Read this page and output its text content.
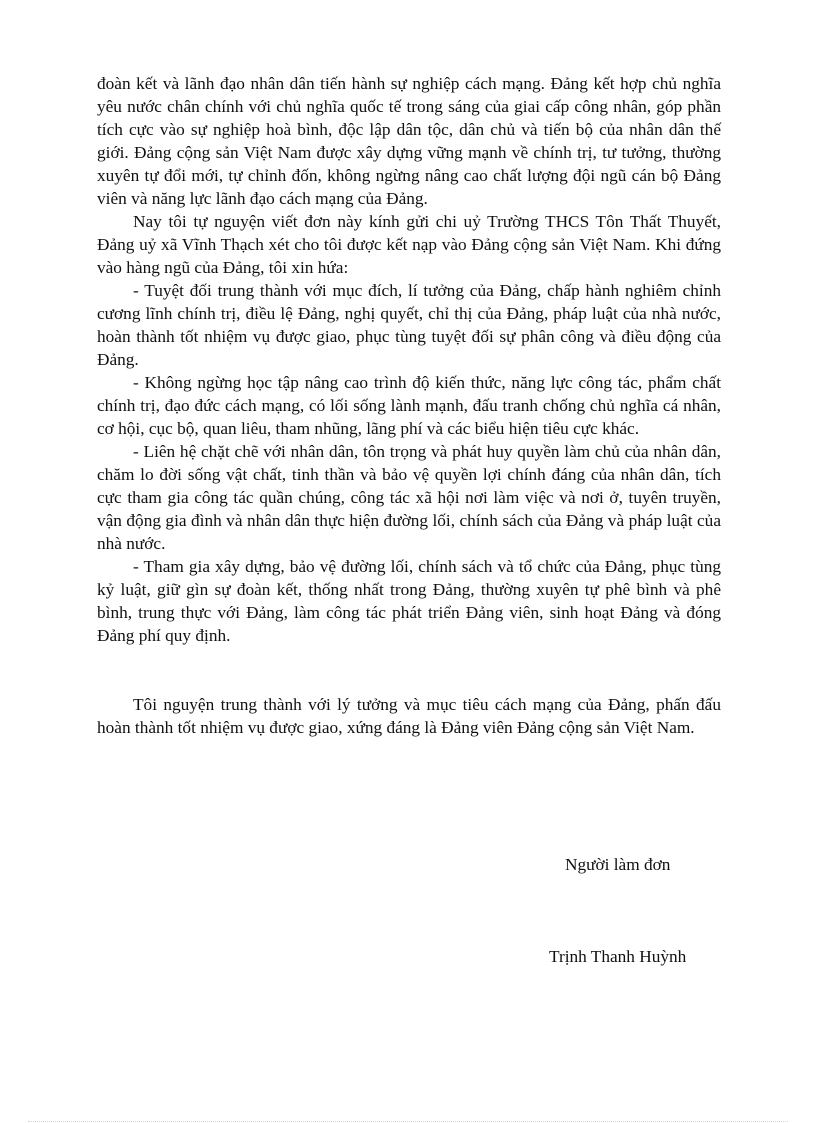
đoàn kết và lãnh đạo nhân dân tiến hành sự nghiệp cách mạng. Đảng kết hợp chủ nghĩa yêu nước chân chính với chủ nghĩa quốc tế trong sáng của giai cấp công nhân, góp phần tích cực vào sự nghiệp hoà bình, độc lập dân tộc, dân chủ và tiến bộ của nhân dân thế giới. Đảng cộng sản Việt Nam được xây dựng vững mạnh về chính trị, tư tưởng, thường xuyên tự đổi mới, tự chỉnh đốn, không ngừng nâng cao chất lượng đội ngũ cán bộ Đảng viên và năng lực lãnh đạo cách mạng của Đảng.

Nay tôi tự nguyện viết đơn này kính gửi chi uỷ Trường THCS Tôn Thất Thuyết, Đảng uỷ xã Vĩnh Thạch xét cho tôi được kết nạp vào Đảng cộng sản Việt Nam. Khi đứng vào hàng ngũ của Đảng, tôi xin hứa:

- Tuyệt đối trung thành với mục đích, lí tưởng của Đảng, chấp hành nghiêm chỉnh cương lĩnh chính trị, điều lệ Đảng, nghị quyết, chỉ thị của Đảng, pháp luật của nhà nước, hoàn thành tốt nhiệm vụ được giao, phục tùng tuyệt đối sự phân công và điều động của Đảng.

- Không ngừng học tập nâng cao trình độ kiến thức, năng lực công tác, phẩm chất chính trị, đạo đức cách mạng, có lối sống lành mạnh, đấu tranh chống chủ nghĩa cá nhân, cơ hội, cục bộ, quan liêu, tham nhũng, lãng phí và các biểu hiện tiêu cực khác.

- Liên hệ chặt chẽ với nhân dân, tôn trọng và phát huy quyền làm chủ của nhân dân, chăm lo đời sống vật chất, tinh thần và bảo vệ quyền lợi chính đáng của nhân dân, tích cực tham gia công tác quần chúng, công tác xã hội nơi làm việc và nơi ở, tuyên truyền, vận động gia đình và nhân dân thực hiện đường lối, chính sách của Đảng và pháp luật của nhà nước.

- Tham gia xây dựng, bảo vệ đường lối, chính sách và tổ chức của Đảng, phục tùng kỷ luật, giữ gìn sự đoàn kết, thống nhất trong Đảng, thường xuyên tự phê bình và phê bình, trung thực với Đảng, làm công tác phát triển Đảng viên, sinh hoạt Đảng và đóng Đảng phí quy định.

Tôi nguyện trung thành với lý tưởng và mục tiêu cách mạng của Đảng, phấn đấu hoàn thành tốt nhiệm vụ được giao, xứng đáng là Đảng viên Đảng cộng sản Việt Nam.

Người làm đơn

Trịnh Thanh Huỳnh
